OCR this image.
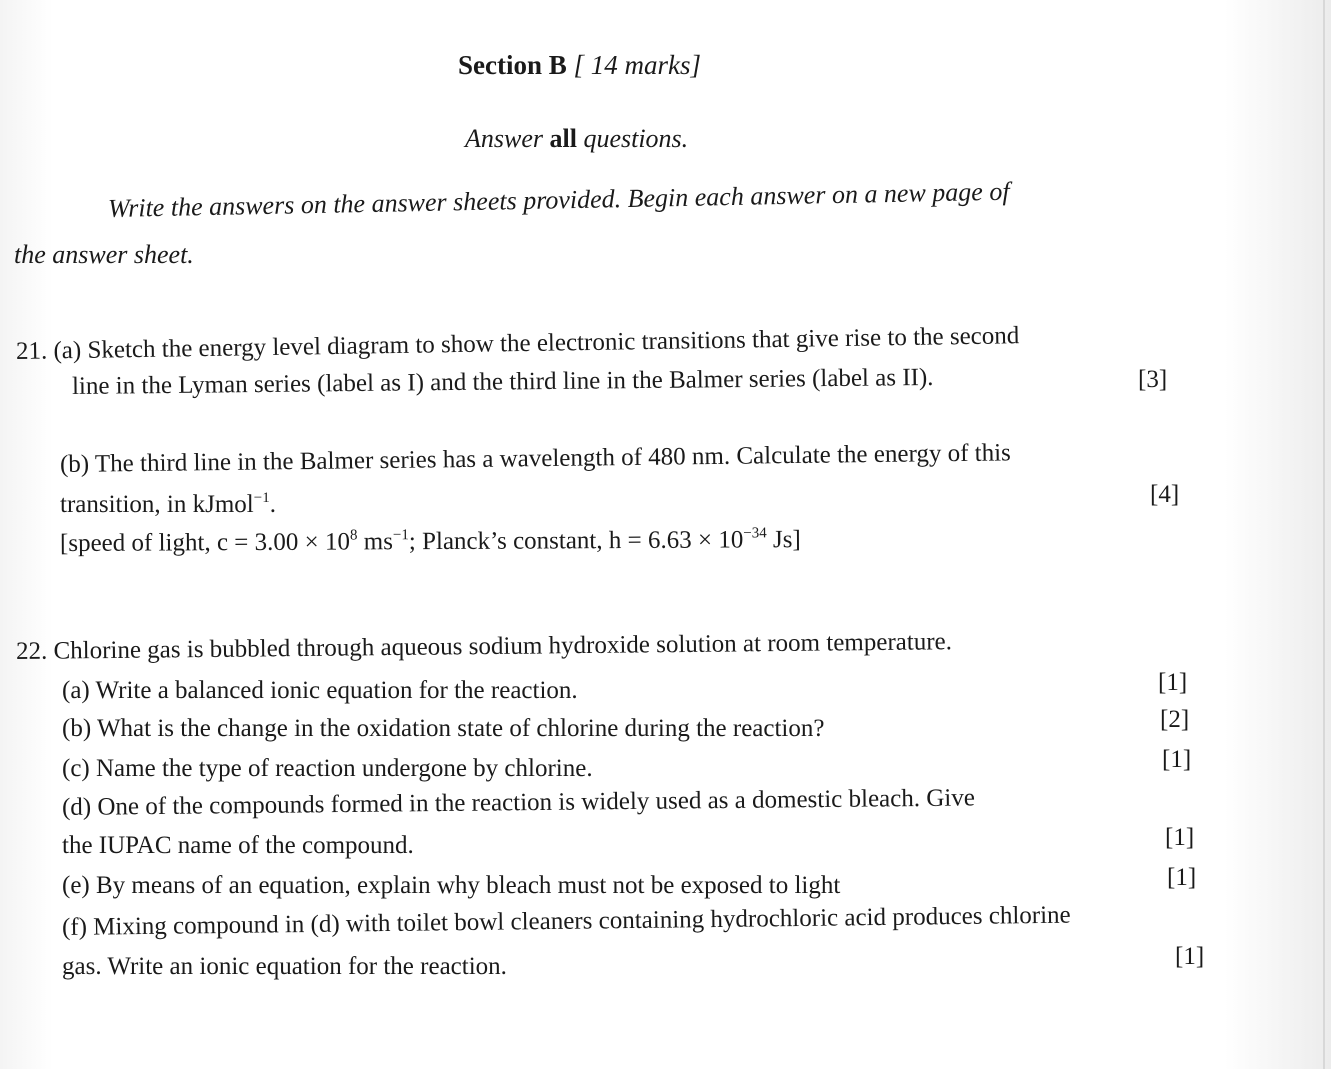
Section B [ 14 marks]
Answer all questions.
Write the answers on the answer sheets provided. Begin each answer on a new page of
the answer sheet.
21. (a) Sketch the energy level diagram to show the electronic transitions that give rise to the second
line in the Lyman series (label as I) and the third line in the Balmer series (label as II).	[3]
(b) The third line in the Balmer series has a wavelength of 480 nm. Calculate the energy of this
transition, in kJmol$^{-1}$.	[4]
[speed of light, $c = 3.00 \times 10^8$ $ms^{-1}$; Planck’s constant, $h = 6.63 \times 10^{-34}$ Js]
22. Chlorine gas is bubbled through aqueous sodium hydroxide solution at room temperature.
(a) Write a balanced ionic equation for the reaction.	[1]
(b) What is the change in the oxidation state of chlorine during the reaction?	[2]
(c) Name the type of reaction undergone by chlorine.	[1]
(d) One of the compounds formed in the reaction is widely used as a domestic bleach. Give
the IUPAC name of the compound.	[1]
(e) By means of an equation, explain why bleach must not be exposed to light	[1]
(f) Mixing compound in (d) with toilet bowl cleaners containing hydrochloric acid produces chlorine
gas. Write an ionic equation for the reaction.	[1]
